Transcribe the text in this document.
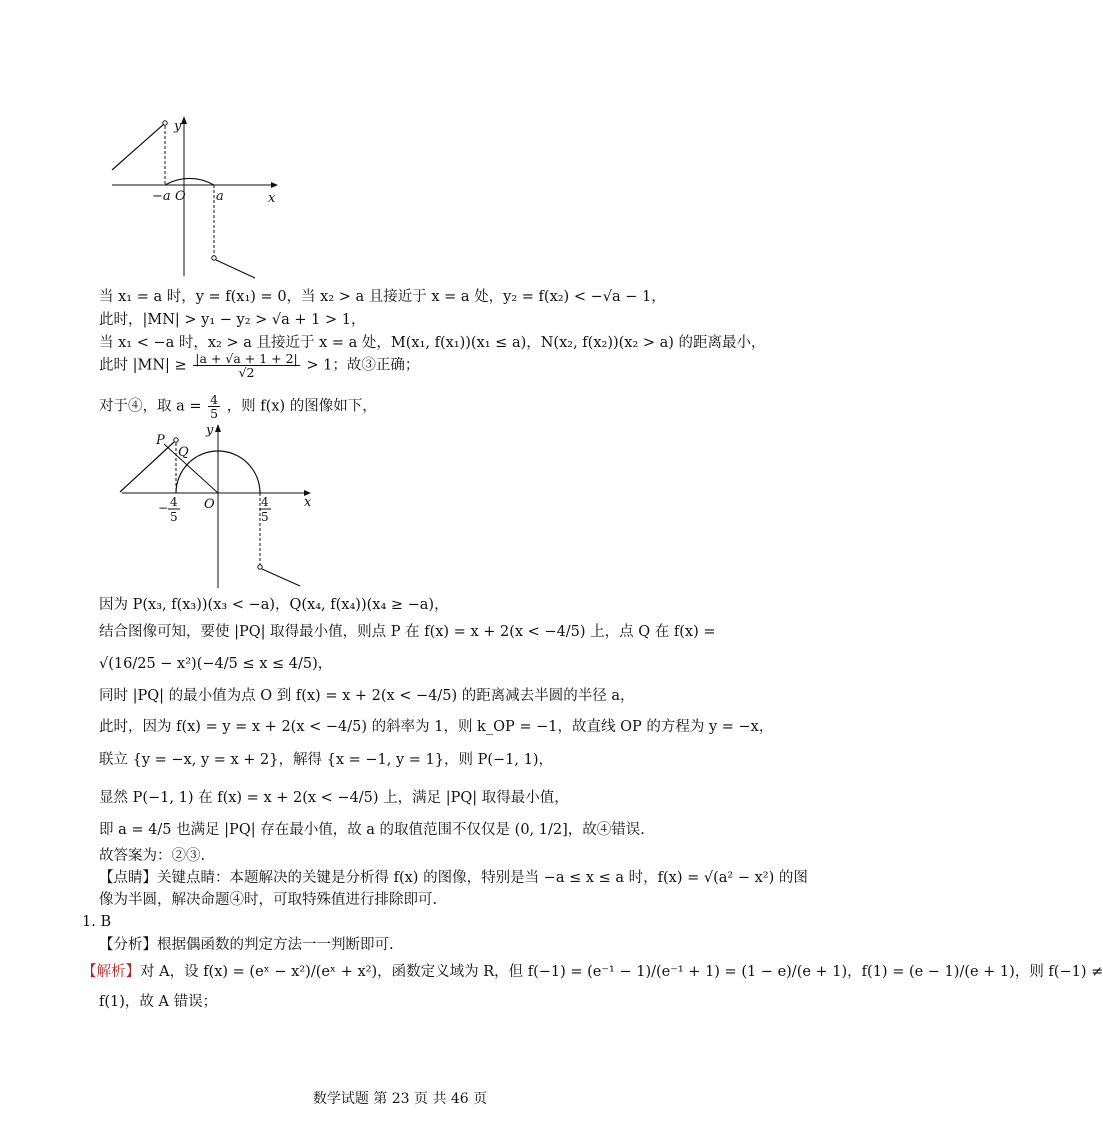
y
x
O
−a	a
当 x₁ = a 时，y = f(x₁) = 0，当 x₂ > a 且接近于 x = a 处，y₂ = f(x₂) < −√a − 1，
此时，|MN| > y₁ − y₂ > √a + 1 > 1，
当 x₁ < −a 时，x₂ > a 且接近于 x = a 处，M(x₁, f(x₁))(x₁ ≤ a)，N(x₂, f(x₂))(x₂ > a) 的距离最小，
此时 $|MN| \ge \frac{|a + √a + 1 + 2|}{√2} > 1$；故③正确；
对于④，取 $a = \frac{4}{5}$ ，则 f(x) 的图像如下，
y
x
O
P
Q
− 4
5
4
5
因为 P(x₃, f(x₃))(x₃ < −a)，Q(x₄, f(x₄))(x₄ ≥ −a)，
结合图像可知，要使 |PQ| 取得最小值，则点 P 在 f(x) = x + 2(x < −4/5) 上，点 Q 在 f(x) =
√(16/25 − x²)(−4/5 ≤ x ≤ 4/5)，
同时 |PQ| 的最小值为点 O 到 f(x) = x + 2(x < −4/5) 的距离减去半圆的半径 a，
此时，因为 f(x) = y = x + 2(x < −4/5) 的斜率为 1，则 k_OP = −1，故直线 OP 的方程为 y = −x，
联立 {y = −x, y = x + 2}，解得 {x = −1, y = 1}，则 P(−1, 1)，
显然 P(−1, 1) 在 f(x) = x + 2(x < −4/5) 上，满足 |PQ| 取得最小值，
即 a = 4/5 也满足 |PQ| 存在最小值，故 a 的取值范围不仅仅是 (0, 1/2]，故④错误.
故答案为：②③.
【点睛】关键点睛：本题解决的关键是分析得 f(x) 的图像，特别是当 −a ≤ x ≤ a 时，f(x) = √(a² − x²) 的图
像为半圆，解决命题④时，可取特殊值进行排除即可.
1. B
【分析】根据偶函数的判定方法一一判断即可.
【解析】对 A，设 f(x) = (eˣ − x²)/(eˣ + x²)，函数定义域为 R，但 f(−1) = (e⁻¹ − 1)/(e⁻¹ + 1) = (1 − e)/(e + 1)，f(1) = (e − 1)/(e + 1)，则 f(−1) ≠
f(1)，故 A 错误；
数学试题 第 23 页 共 46 页
